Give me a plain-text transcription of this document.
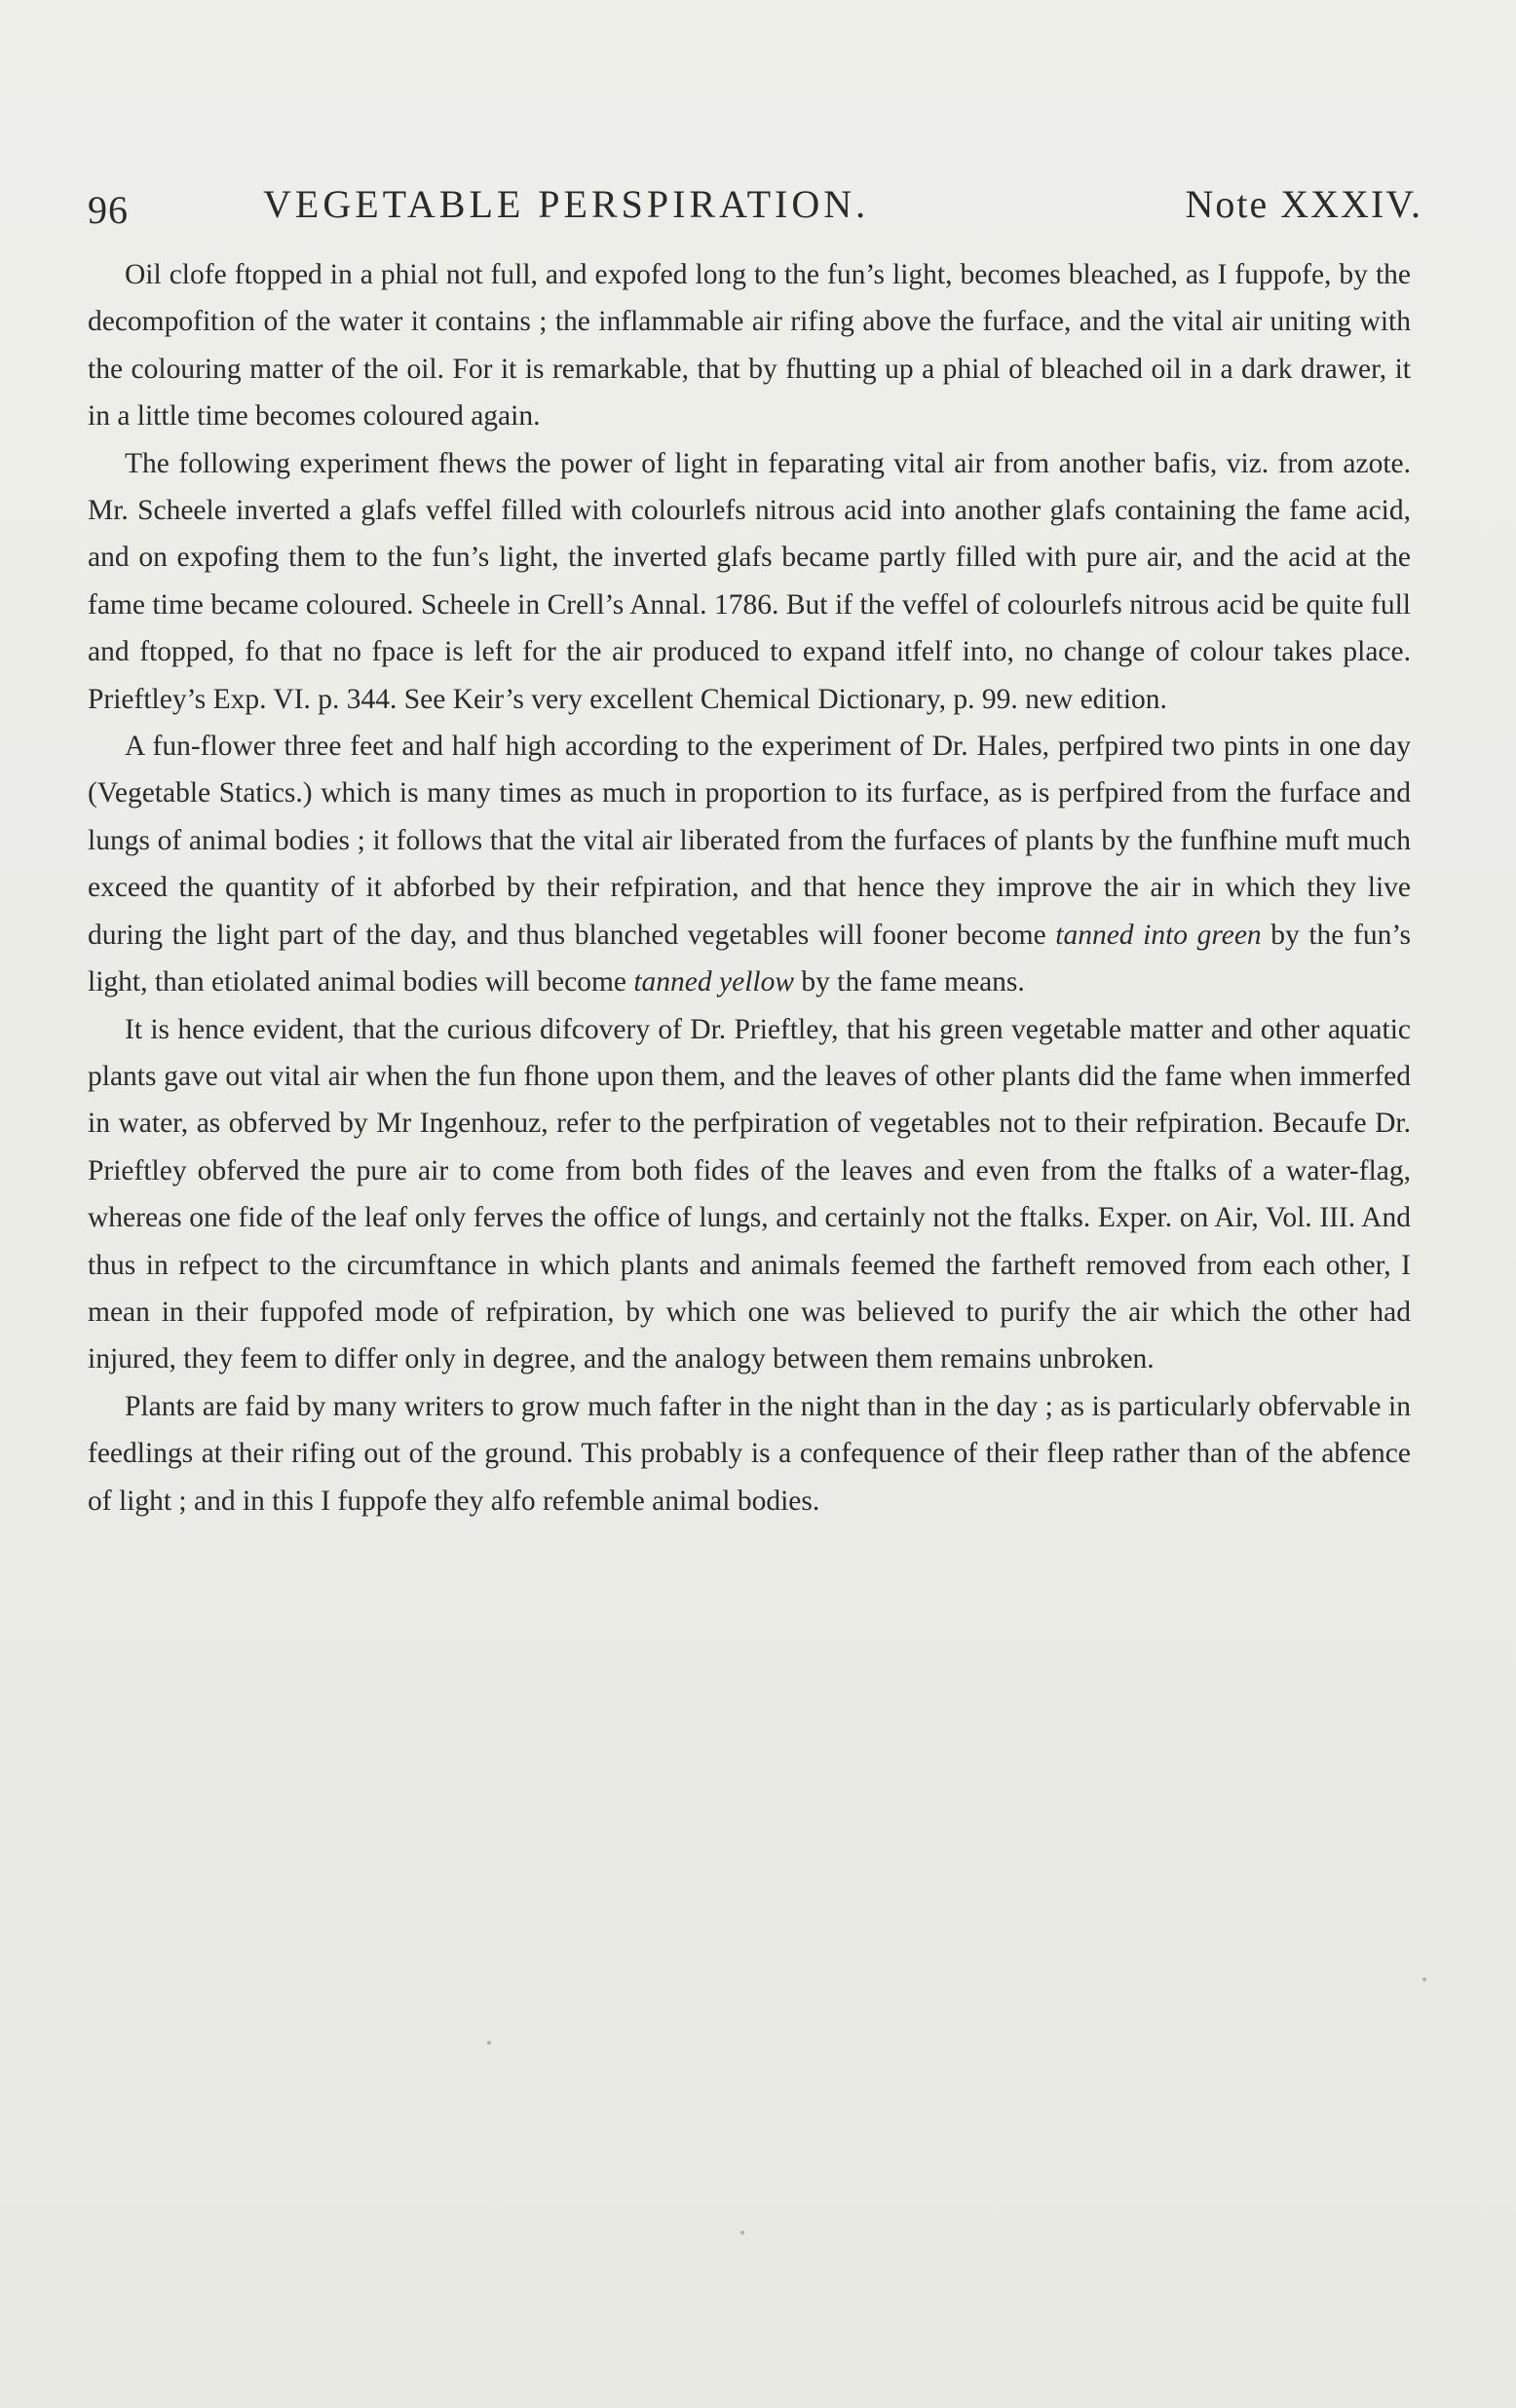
96	VEGETABLE PERSPIRATION.	Note XXXIV.

Oil clofe ftopped in a phial not full, and expofed long to the fun’s light, becomes bleached, as I fuppofe, by the decompofition of the water it contains ; the inflammable air rifing above the furface, and the vital air uniting with the colouring matter of the oil. For it is remarkable, that by fhutting up a phial of bleached oil in a dark drawer, it in a little time becomes coloured again.

The following experiment fhews the power of light in feparating vital air from another bafis, viz. from azote. Mr. Scheele inverted a glafs veffel filled with colourlefs nitrous acid into another glafs containing the fame acid, and on expofing them to the fun’s light, the inverted glafs became partly filled with pure air, and the acid at the fame time became coloured. Scheele in Crell’s Annal. 1786. But if the veffel of colourlefs nitrous acid be quite full and ftopped, fo that no fpace is left for the air produced to expand itfelf into, no change of colour takes place. Prieftley’s Exp. VI. p. 344. See Keir’s very excellent Chemical Dictionary, p. 99. new edition.

A fun-flower three feet and half high according to the experiment of Dr. Hales, perfpired two pints in one day (Vegetable Statics.) which is many times as much in proportion to its furface, as is perfpired from the furface and lungs of animal bodies ; it follows that the vital air liberated from the furfaces of plants by the funfhine muft much exceed the quantity of it abforbed by their refpiration, and that hence they improve the air in which they live during the light part of the day, and thus blanched vegetables will fooner become tanned into green by the fun’s light, than etiolated animal bodies will become tanned yellow by the fame means.

It is hence evident, that the curious difcovery of Dr. Prieftley, that his green vegetable matter and other aquatic plants gave out vital air when the fun fhone upon them, and the leaves of other plants did the fame when immerfed in water, as obferved by Mr Ingenhouz, refer to the perfpiration of vegetables not to their refpiration. Becaufe Dr. Prieftley obferved the pure air to come from both fides of the leaves and even from the ftalks of a water-flag, whereas one fide of the leaf only ferves the office of lungs, and certainly not the ftalks. Exper. on Air, Vol. III. And thus in refpect to the circumftance in which plants and animals feemed the fartheft removed from each other, I mean in their fuppofed mode of refpiration, by which one was believed to purify the air which the other had injured, they feem to differ only in degree, and the analogy between them remains unbroken.

Plants are faid by many writers to grow much fafter in the night than in the day ; as is particularly obfervable in feedlings at their rifing out of the ground. This probably is a confequence of their fleep rather than of the abfence of light ; and in this I fuppofe they alfo refemble animal bodies.
